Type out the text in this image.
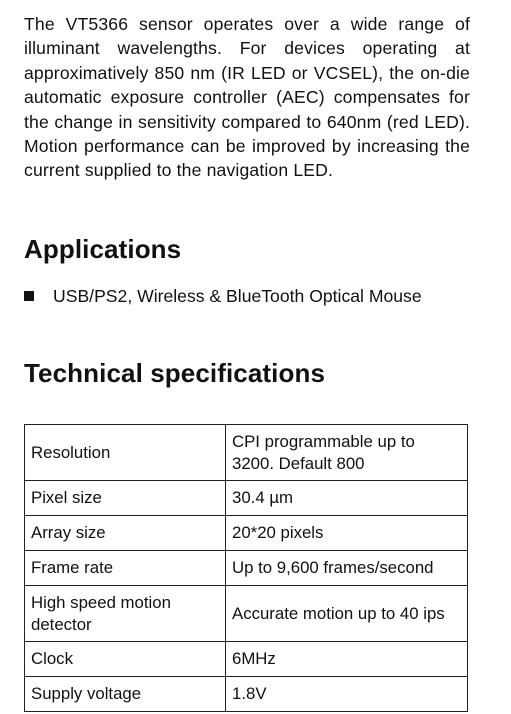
The VT5366 sensor operates over a wide range of illuminant wavelengths. For devices operating at approximatively 850 nm (IR LED or VCSEL), the on-die automatic exposure controller (AEC) compensates for the change in sensitivity compared to 640nm (red LED). Motion performance can be improved by increasing the current supplied to the navigation LED.

Applications
USB/PS2, Wireless & BlueTooth Optical Mouse
Technical specifications
Resolution	CPI programmable up to 3200. Default 800
Pixel size	30.4 µm
Array size	20*20 pixels
Frame rate	Up to 9,600 frames/second
High speed motion detector	Accurate motion up to 40 ips
Clock	6MHz
Supply voltage	1.8V
